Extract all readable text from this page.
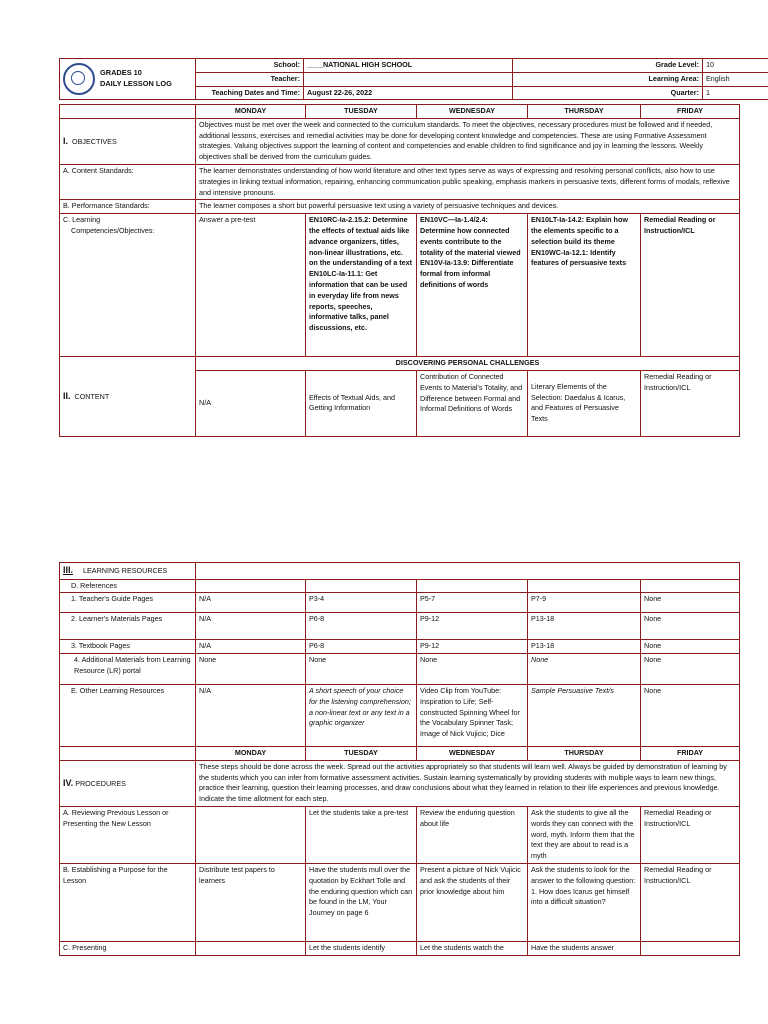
GRADES 10
DAILY LESSON LOG	School:	____NATIONAL HIGH SCHOOL	Grade Level:	10
	Teacher:		Learning Area:	English
	Teaching Dates and Time:	August 22-26, 2022	Quarter:	1
	MONDAY	TUESDAY	WEDNESDAY	THURSDAY	FRIDAY
I. OBJECTIVES	Objectives must be met over the week and connected to the curriculum standards. To meet the objectives, necessary procedures must be followed and if needed, additional lessons, exercises and remedial activities may be done for developing content knowledge and competencies. These are using Formative Assessment strategies. Valuing objectives support the learning of content and competencies and enable children to find significance and joy in learning the lessons. Weekly objectives shall be derived from the curriculum guides.				
A. Content Standards:	The learner demonstrates understanding of how world literature and other text types serve as ways of expressing and resolving personal conflicts, also how to use strategies in linking textual information, repairing, enhancing communication public speaking, emphasis markers in persuasive texts, different forms of modals, reflexive and intensive pronouns.				
B. Performance Standards:	The learner composes a short but powerful persuasive text using a variety of persuasive techniques and devices.				
C. Learning
Competencies/Objectives:	Answer a pre-test	EN10RC-Ia-2.15.2: Determine the effects of textual aids like advance organizers, titles, non-linear illustrations, etc. on the understanding of a text EN10LC-Ia-11.1: Get information that can be used in everyday life from news reports, speeches, informative talks, panel discussions, etc.	EN10VC—Ia-1.4/2.4: Determine how connected events contribute to the totality of the material viewed EN10V-Ia-13.9: Differentiate formal from informal definitions of words	EN10LT-Ia-14.2: Explain how the elements specific to a selection build its theme EN10WC-Ia-12.1: Identify features of persuasive texts	Remedial Reading or Instruction/ICL
II. CONTENT	DISCOVERING PERSONAL CHALLENGES				
	N/A	Effects of Textual Aids, and Getting Information	Contribution of Connected Events to Material's Totality, and Difference between Formal and Informal Definitions of Words	Literary Elements of the Selection: Daedalus & Icarus, and Features of Persuasive Texts	Remedial Reading or Instruction/ICL
III. LEARNING RESOURCES					
D. References					
1. Teacher's Guide Pages	N/A	P3-4	P5-7	P7-9	None
2. Learner's Materials Pages	N/A	P6-8	P9-12	P13-18	None
3. Textbook Pages	N/A	P6-8	P9-12	P13-18	None
4. Additional Materials from Learning Resource (LR) portal	None	None	None	None	None
E. Other Learning Resources	N/A	A short speech of your choice for the listening comprehension; a non-linear text or any text in a graphic organizer	Video Clip from YouTube: Inspiration to Life; Self-constructed Spinning Wheel for the Vocabulary Spinner Task; Image of Nick Vujicic; Dice	Sample Persuasive Text/s	None
	MONDAY	TUESDAY	WEDNESDAY	THURSDAY	FRIDAY
IV. PROCEDURES	These steps should be done across the week. Spread out the activities appropriately so that students will learn well. Always be guided by demonstration of learning by the students which you can infer from formative assessment activities. Sustain learning systematically by providing students with multiple ways to learn new things, practice their learning, question their learning processes, and draw conclusions about what they learned in relation to their life experiences and previous knowledge. Indicate the time allotment for each step.				
A. Reviewing Previous Lesson or Presenting the New Lesson		Let the students take a pre-test	Review the enduring question about life	Ask the students to give all the words they can connect with the word, myth. Inform them that the text they are about to read is a myth	Remedial Reading or Instruction/ICL
B. Establishing a Purpose for the Lesson	Distribute test papers to learners	Have the students mull over the quotation by Eckhart Tolle and the enduring question which can be found in the LM, Your Journey on page 6	Present a picture of Nick Vujicic and ask the students of their prior knowledge about him	Ask the students to look for the answer to the following question: 1. How does Icarus get himself into a difficult situation?	Remedial Reading or Instruction/ICL
C. Presenting		Let the students identify	Let the students watch the	Have the students answer	
